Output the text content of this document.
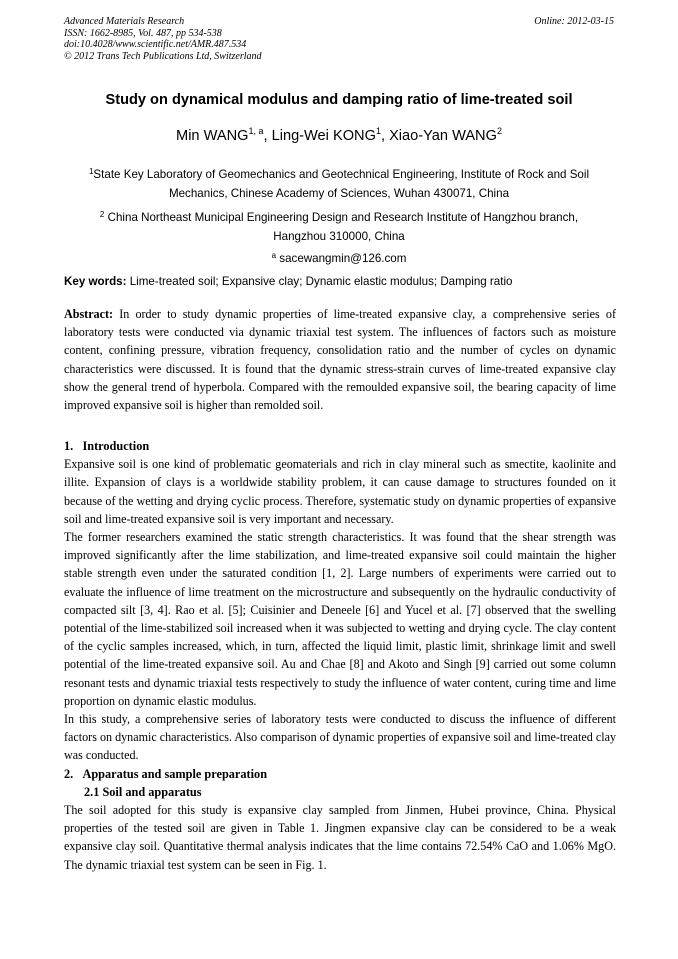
Advanced Materials Research
ISSN: 1662-8985, Vol. 487, pp 534-538
doi:10.4028/www.scientific.net/AMR.487.534
© 2012 Trans Tech Publications Ltd, Switzerland
Online: 2012-03-15
Study on dynamical modulus and damping ratio of lime-treated soil
Min WANG$^{1, a}$, Ling-Wei KONG$^1$, Xiao-Yan WANG$^2$
$^1$State Key Laboratory of Geomechanics and Geotechnical Engineering, Institute of Rock and Soil
Mechanics, Chinese Academy of Sciences, Wuhan 430071, China
$^2$ China Northeast Municipal Engineering Design and Research Institute of Hangzhou branch,
Hangzhou 310000, China
$^a$ sacewangmin@126.com
Key words: Lime-treated soil; Expansive clay; Dynamic elastic modulus; Damping ratio

Abstract: In order to study dynamic properties of lime-treated expansive clay, a comprehensive series of laboratory tests were conducted via dynamic triaxial test system. The influences of factors such as moisture content, confining pressure, vibration frequency, consolidation ratio and the number of cycles on dynamic characteristics were discussed. It is found that the dynamic stress-strain curves of lime-treated expansive clay show the general trend of hyperbola. Compared with the remoulded expansive soil, the bearing capacity of lime improved expansive soil is higher than remolded soil.

1.   Introduction

Expansive soil is one kind of problematic geomaterials and rich in clay mineral such as smectite, kaolinite and illite. Expansion of clays is a worldwide stability problem, it can cause damage to structures founded on it because of the wetting and drying cyclic process. Therefore, systematic study on dynamic properties of expansive soil and lime-treated expansive soil is very important and necessary.

The former researchers examined the static strength characteristics. It was found that the shear strength was improved significantly after the lime stabilization, and lime-treated expansive soil could maintain the higher stable strength even under the saturated condition [1, 2]. Large numbers of experiments were carried out to evaluate the influence of lime treatment on the microstructure and subsequently on the hydraulic conductivity of compacted silt [3, 4]. Rao et al. [5]; Cuisinier and Deneele [6] and Yucel et al. [7] observed that the swelling potential of the lime-stabilized soil increased when it was subjected to wetting and drying cycle. The clay content of the cyclic samples increased, which, in turn, affected the liquid limit, plastic limit, shrinkage limit and swell potential of the lime-treated expansive soil. Au and Chae [8] and Akoto and Singh [9] carried out some column resonant tests and dynamic triaxial tests respectively to study the influence of water content, curing time and lime proportion on dynamic elastic modulus.

In this study, a comprehensive series of laboratory tests were conducted to discuss the influence of different factors on dynamic characteristics. Also comparison of dynamic properties of expansive soil and lime-treated clay was conducted.

2.   Apparatus and sample preparation
2.1 Soil and apparatus

The soil adopted for this study is expansive clay sampled from Jinmen, Hubei province, China. Physical properties of the tested soil are given in Table 1. Jingmen expansive clay can be considered to be a weak expansive clay soil. Quantitative thermal analysis indicates that the lime contains 72.54% CaO and 1.06% MgO. The dynamic triaxial test system can be seen in Fig. 1.
